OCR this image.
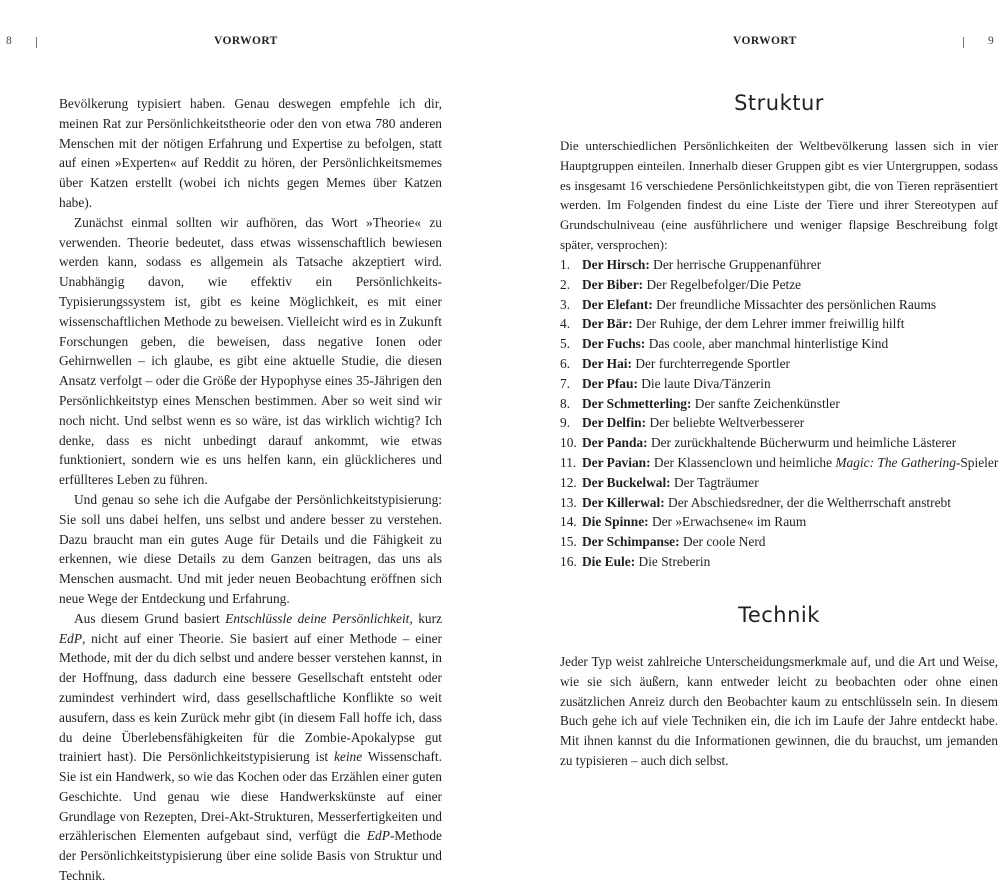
8	VORWORT

Bevölkerung typisiert haben. Genau deswegen empfehle ich dir, meinen Rat zur Persönlichkeitstheorie oder den von etwa 780 anderen Menschen mit der nötigen Erfahrung und Expertise zu befolgen, statt auf einen »Experten« auf Reddit zu hören, der Persönlichkeitsmemes über Katzen erstellt (wobei ich nichts gegen Memes über Katzen habe).

Zunächst einmal sollten wir aufhören, das Wort »Theorie« zu verwenden. Theorie bedeutet, dass etwas wissenschaftlich bewiesen werden kann, sodass es allgemein als Tatsache akzeptiert wird. Unabhängig davon, wie effektiv ein Persönlichkeits-Typisierungssystem ist, gibt es keine Möglichkeit, es mit einer wissenschaftlichen Methode zu beweisen. Vielleicht wird es in Zukunft Forschungen geben, die beweisen, dass negative Ionen oder Gehirnwellen – ich glaube, es gibt eine aktuelle Studie, die diesen Ansatz verfolgt – oder die Größe der Hypophyse eines 35-Jährigen den Persönlichkeitstyp eines Menschen bestimmen. Aber so weit sind wir noch nicht. Und selbst wenn es so wäre, ist das wirklich wichtig? Ich denke, dass es nicht unbedingt darauf ankommt, wie etwas funktioniert, sondern wie es uns helfen kann, ein glücklicheres und erfüllteres Leben zu führen.

Und genau so sehe ich die Aufgabe der Persönlichkeitstypisierung: Sie soll uns dabei helfen, uns selbst und andere besser zu verstehen. Dazu braucht man ein gutes Auge für Details und die Fähigkeit zu erkennen, wie diese Details zu dem Ganzen beitragen, das uns als Menschen ausmacht. Und mit jeder neuen Beobachtung eröffnen sich neue Wege der Entdeckung und Erfahrung.

Aus diesem Grund basiert Entschlüssle deine Persönlichkeit, kurz EdP, nicht auf einer Theorie. Sie basiert auf einer Methode – einer Methode, mit der du dich selbst und andere besser verstehen kannst, in der Hoffnung, dass dadurch eine bessere Gesellschaft entsteht oder zumindest verhindert wird, dass gesellschaftliche Konflikte so weit ausufern, dass es kein Zurück mehr gibt (in diesem Fall hoffe ich, dass du deine Überlebensfähigkeiten für die Zombie-Apokalypse gut trainiert hast). Die Persönlichkeitstypisierung ist keine Wissenschaft. Sie ist ein Handwerk, so wie das Kochen oder das Erzählen einer guten Geschichte. Und genau wie diese Handwerkskünste auf einer Grundlage von Rezepten, Drei-Akt-Strukturen, Messerfertigkeiten und erzählerischen Elementen aufgebaut sind, verfügt die EdP-Methode der Persönlichkeitstypisierung über eine solide Basis von Struktur und Technik.

VORWORT	9
Struktur

Die unterschiedlichen Persönlichkeiten der Weltbevölkerung lassen sich in vier Hauptgruppen einteilen. Innerhalb dieser Gruppen gibt es vier Untergruppen, sodass es insgesamt 16 verschiedene Persönlichkeitstypen gibt, die von Tieren repräsentiert werden. Im Folgenden findest du eine Liste der Tiere und ihrer Stereotypen auf Grundschulniveau (eine ausführlichere und weniger flapsige Beschreibung folgt später, versprochen):

1. Der Hirsch: Der herrische Gruppenanführer
2. Der Biber: Der Regelbefolger/Die Petze
3. Der Elefant: Der freundliche Missachter des persönlichen Raums
4. Der Bär: Der Ruhige, der dem Lehrer immer freiwillig hilft
5. Der Fuchs: Das coole, aber manchmal hinterlistige Kind
6. Der Hai: Der furchterregende Sportler
7. Der Pfau: Die laute Diva/Tänzerin
8. Der Schmetterling: Der sanfte Zeichenkünstler
9. Der Delfin: Der beliebte Weltverbesserer
10. Der Panda: Der zurückhaltende Bücherwurm und heimliche Lästerer
11. Der Pavian: Der Klassenclown und heimliche Magic: The Gathering-Spieler
12. Der Buckelwal: Der Tagträumer
13. Der Killerwal: Der Abschiedsredner, der die Weltherrschaft anstrebt
14. Die Spinne: Der »Erwachsene« im Raum
15. Der Schimpanse: Der coole Nerd
16. Die Eule: Die Streberin
Technik

Jeder Typ weist zahlreiche Unterscheidungsmerkmale auf, und die Art und Weise, wie sie sich äußern, kann entweder leicht zu beobachten oder ohne einen zusätzlichen Anreiz durch den Beobachter kaum zu entschlüsseln sein. In diesem Buch gehe ich auf viele Techniken ein, die ich im Laufe der Jahre entdeckt habe. Mit ihnen kannst du die Informationen gewinnen, die du brauchst, um jemanden zu typisieren – auch dich selbst.
